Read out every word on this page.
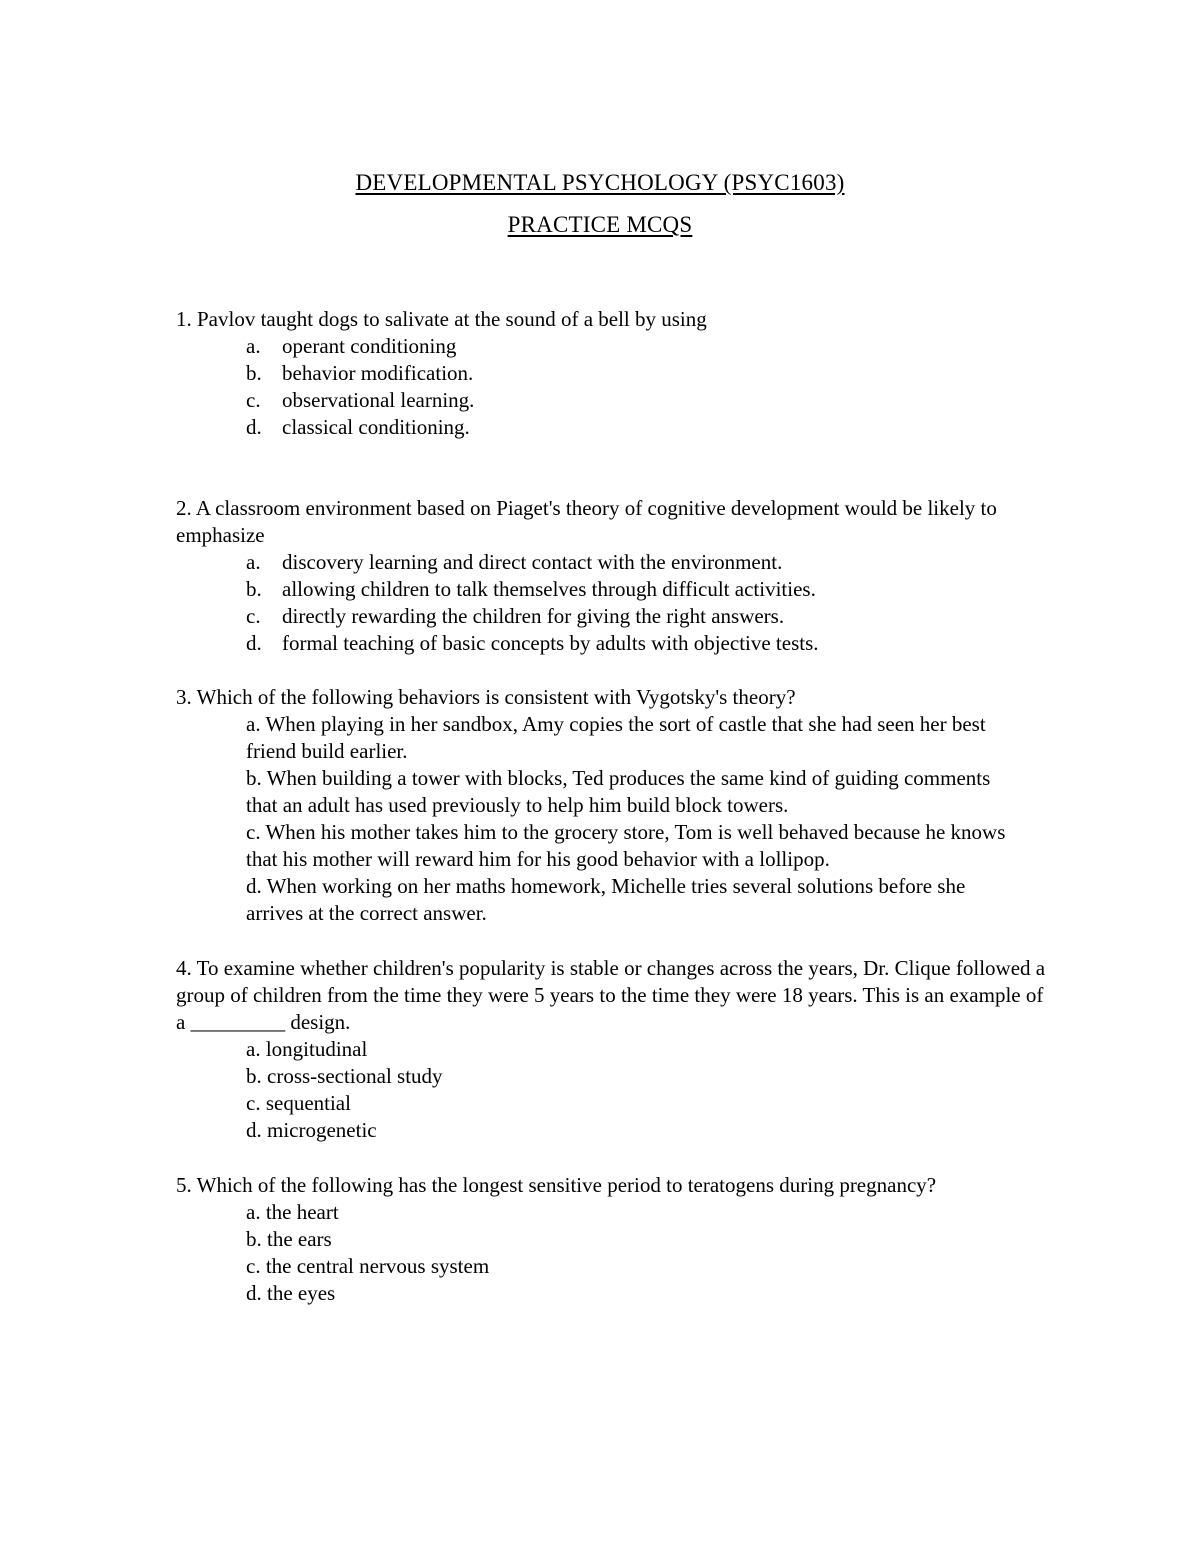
DEVELOPMENTAL PSYCHOLOGY (PSYC1603)
PRACTICE MCQS

1. Pavlov taught dogs to salivate at the sound of a bell by using

a. operant conditioning
b. behavior modification.
c. observational learning.
d. classical conditioning.

2. A classroom environment based on Piaget's theory of cognitive development would be likely to emphasize

a. discovery learning and direct contact with the environment.
b. allowing children to talk themselves through difficult activities.
c. directly rewarding the children for giving the right answers.
d. formal teaching of basic concepts by adults with objective tests.

3. Which of the following behaviors is consistent with Vygotsky's theory?

a. When playing in her sandbox, Amy copies the sort of castle that she had seen her best friend build earlier.
b. When building a tower with blocks, Ted produces the same kind of guiding comments that an adult has used previously to help him build block towers.
c. When his mother takes him to the grocery store, Tom is well behaved because he knows that his mother will reward him for his good behavior with a lollipop.
d. When working on her maths homework, Michelle tries several solutions before she arrives at the correct answer.

4. To examine whether children's popularity is stable or changes across the years, Dr. Clique followed a group of children from the time they were 5 years to the time they were 18 years. This is an example of a _________ design.

a. longitudinal
b. cross-sectional study
c. sequential
d. microgenetic

5. Which of the following has the longest sensitive period to teratogens during pregnancy?

a. the heart
b. the ears
c. the central nervous system
d. the eyes
